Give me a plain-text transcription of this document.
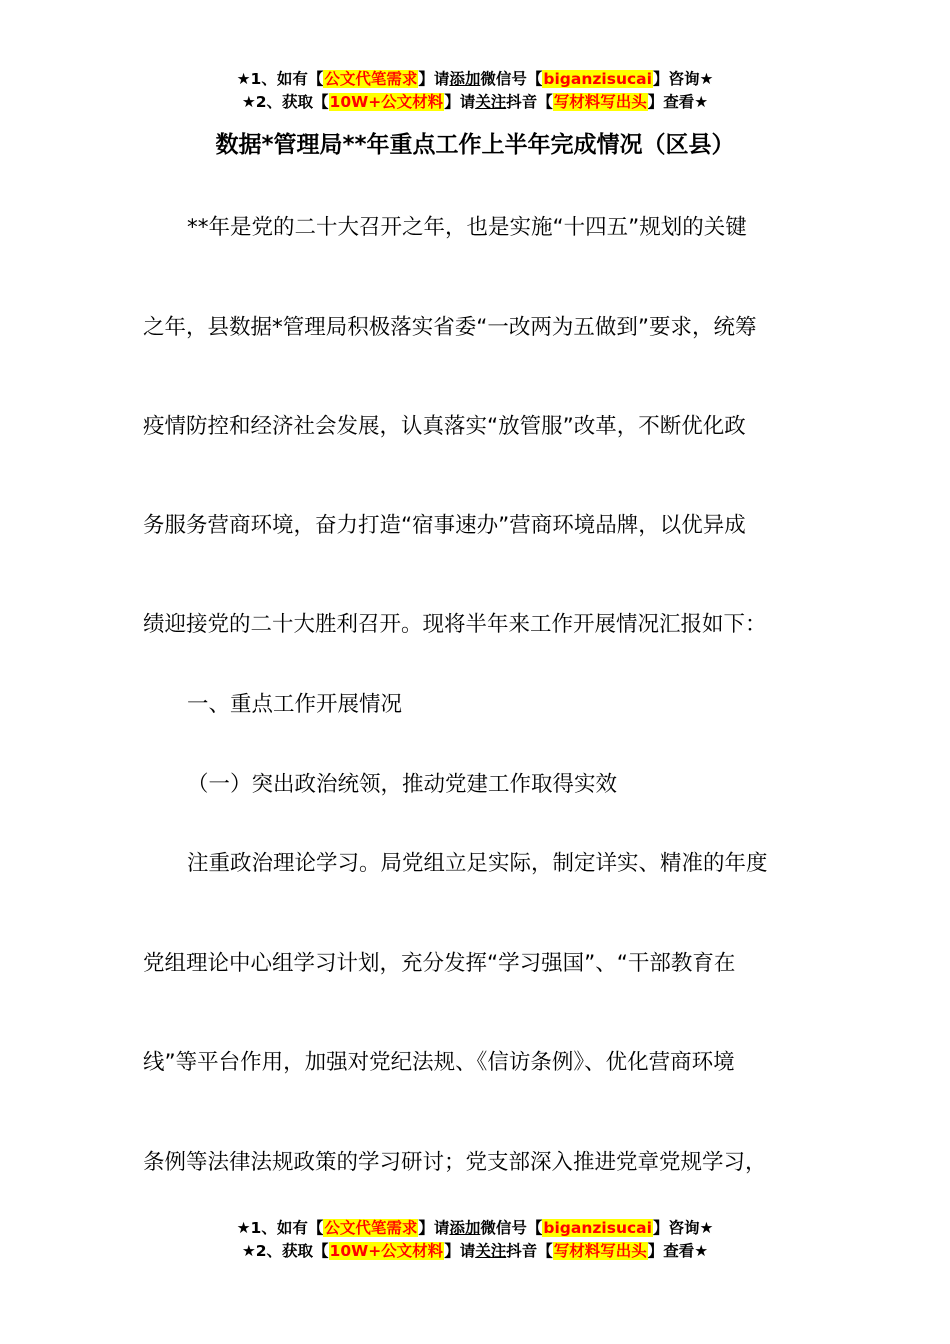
★1、如有【公文代笔需求】请添加微信号【biganzisucai】咨询★
★2、获取【10W+公文材料】请关注抖音【写材料写出头】查看★
数据*管理局**年重点工作上半年完成情况（区县）
**年是党的二十大召开之年，也是实施“十四五”规划的关键
之年，县数据*管理局积极落实省委“一改两为五做到”要求，统筹
疫情防控和经济社会发展，认真落实“放管服”改革，不断优化政
务服务营商环境，奋力打造“宿事速办”营商环境品牌，以优异成
绩迎接党的二十大胜利召开。现将半年来工作开展情况汇报如下：
一、重点工作开展情况
（一）突出政治统领，推动党建工作取得实效
注重政治理论学习。局党组立足实际，制定详实、精准的年度
党组理论中心组学习计划，充分发挥“学习强国”、“干部教育在
线”等平台作用，加强对党纪法规、《信访条例》、优化营商环境
条例等法律法规政策的学习研讨；党支部深入推进党章党规学习，
★1、如有【公文代笔需求】请添加微信号【biganzisucai】咨询★
★2、获取【10W+公文材料】请关注抖音【写材料写出头】查看★
